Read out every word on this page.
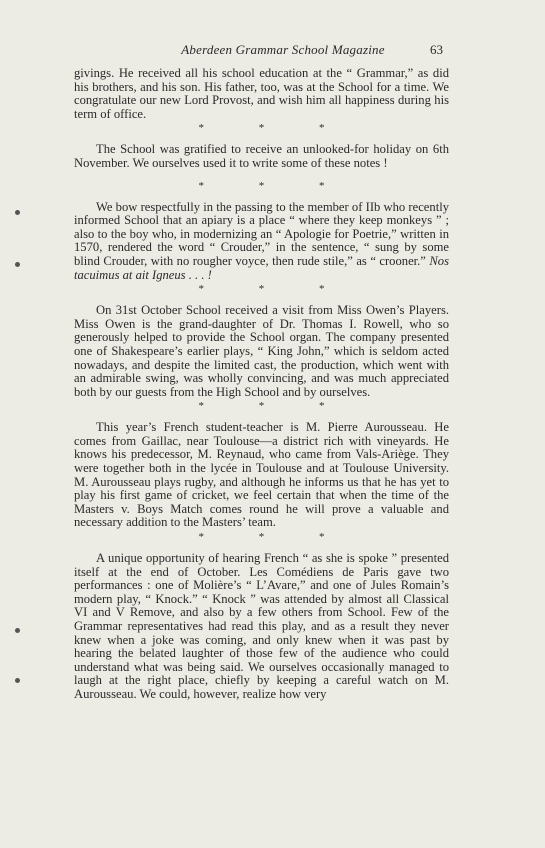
Aberdeen Grammar School Magazine	63

givings. He received all his school education at the “ Grammar,” as did his brothers, and his son. His father, too, was at the School for a time. We congratulate our new Lord Provost, and wish him all happiness during his term of office.

* * *

The School was gratified to receive an unlooked-for holiday on 6th November. We ourselves used it to write some of these notes !

* * *

We bow respectfully in the passing to the member of IIb who recently informed School that an apiary is a place “ where they keep monkeys ” ; also to the boy who, in modernizing an “ Apologie for Poetrie,” written in 1570, rendered the word “ Crouder,” in the sentence, “ sung by some blind Crouder, with no rougher voyce, then rude stile,” as “ crooner.” Nos tacuimus at ait Igneus . . . !

* * *

On 31st October School received a visit from Miss Owen’s Players. Miss Owen is the grand-daughter of Dr. Thomas I. Rowell, who so generously helped to provide the School organ. The company presented one of Shakespeare’s earlier plays, “ King John,” which is seldom acted nowadays, and despite the limited cast, the production, which went with an admirable swing, was wholly convincing, and was much appreciated both by our guests from the High School and by ourselves.

* * *

This year’s French student-teacher is M. Pierre Aurousseau. He comes from Gaillac, near Toulouse—a district rich with vineyards. He knows his predecessor, M. Reynaud, who came from Vals-Ariège. They were together both in the lycée in Toulouse and at Toulouse University. M. Aurousseau plays rugby, and although he informs us that he has yet to play his first game of cricket, we feel certain that when the time of the Masters v. Boys Match comes round he will prove a valuable and necessary addition to the Masters’ team.

* * *

A unique opportunity of hearing French “ as she is spoke ” presented itself at the end of October. Les Comédiens de Paris gave two performances : one of Molière’s “ L’Avare,” and one of Jules Romain’s modern play, “ Knock.” “ Knock ” was attended by almost all Classical VI and V Remove, and also by a few others from School. Few of the Grammar representatives had read this play, and as a result they never knew when a joke was coming, and only knew when it was past by hearing the belated laughter of those few of the audience who could understand what was being said. We ourselves occasionally managed to laugh at the right place, chiefly by keeping a careful watch on M. Aurousseau. We could, however, realize how very
